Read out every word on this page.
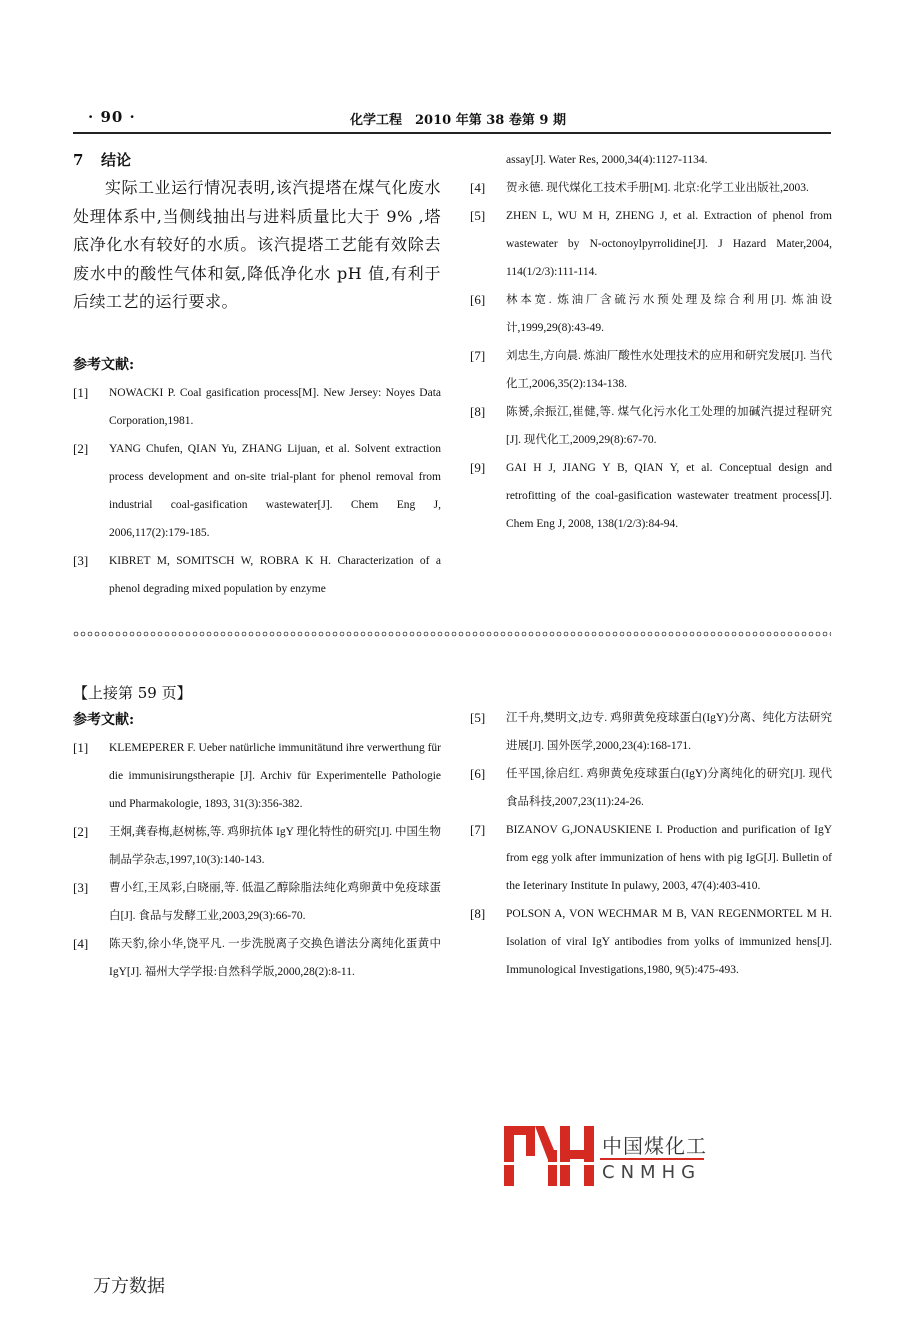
· 90 ·	化学工程　2010 年第 38 卷第 9 期
7 结论
实际工业运行情况表明,该汽提塔在煤气化废水处理体系中,当侧线抽出与进料质量比大于 9% ,塔底净化水有较好的水质。该汽提塔工艺能有效除去废水中的酸性气体和氨,降低净化水 pH 值,有利于后续工艺的运行要求。
参考文献:
[1]	NOWACKI P. Coal gasification process[M]. New Jersey: Noyes Data Corporation,1981.
[2]	YANG Chufen, QIAN Yu, ZHANG Lijuan, et al. Solvent extraction process development and on-site trial-plant for phenol removal from industrial coal-gasification wastewater[J]. Chem Eng J, 2006,117(2):179-185.
[3]	KIBRET M, SOMITSCH W, ROBRA K H. Characterization of a phenol degrading mixed population by enzyme
assay[J]. Water Res, 2000,34(4):1127-1134.
[4]	贺永德. 现代煤化工技术手册[M]. 北京:化学工业出版社,2003.
[5]	ZHEN L, WU M H, ZHENG J, et al. Extraction of phenol from wastewater by N-octonoylpyrrolidine[J]. J Hazard Mater,2004, 114(1/2/3):111-114.
[6]	林本宽. 炼油厂含硫污水预处理及综合利用[J]. 炼油设计,1999,29(8):43-49.
[7]	刘忠生,方向晨. 炼油厂酸性水处理技术的应用和研究发展[J]. 当代化工,2006,35(2):134-138.
[8]	陈赟,余振江,崔健,等. 煤气化污水化工处理的加碱汽提过程研究[J]. 现代化工,2009,29(8):67-70.
[9]	GAI H J, JIANG Y B, QIAN Y, et al. Conceptual design and retrofitting of the coal-gasification wastewater treatment process[J]. Chem Eng J, 2008, 138(1/2/3):84-94.
【上接第 59 页】
参考文献:
[1]	KLEMEPERER F. Ueber natürliche immunitätund ihre verwerthung für die immunisirungstherapie [J]. Archiv für Experimentelle Pathologie und Pharmakologie, 1893, 31(3):356-382.
[2]	王炯,龚春梅,赵树栋,等. 鸡卵抗体 IgY 理化特性的研究[J]. 中国生物制品学杂志,1997,10(3):140-143.
[3]	曹小红,王凤彩,白晓丽,等. 低温乙醇除脂法纯化鸡卵黄中免疫球蛋白[J]. 食品与发酵工业,2003,29(3):66-70.
[4]	陈天豹,徐小华,饶平凡. 一步洗脱离子交换色谱法分离纯化蛋黄中 IgY[J]. 福州大学学报:自然科学版,2000,28(2):8-11.
[5]	江千舟,樊明文,边专. 鸡卵黄免疫球蛋白(IgY)分离、纯化方法研究进展[J]. 国外医学,2000,23(4):168-171.
[6]	任平国,徐启红. 鸡卵黄免疫球蛋白(IgY)分离纯化的研究[J]. 现代食品科技,2007,23(11):24-26.
[7]	BIZANOV G,JONAUSKIENE I. Production and purification of IgY from egg yolk after immunization of hens with pig IgG[J]. Bulletin of the Ieterinary Institute In pulawy, 2003, 47(4):403-410.
[8]	POLSON A, VON WECHMAR M B, VAN REGENMORTEL M H. Isolation of viral IgY antibodies from yolks of immunized hens[J]. Immunological Investigations,1980, 9(5):475-493.
中国煤化工
CNMHG
万方数据
